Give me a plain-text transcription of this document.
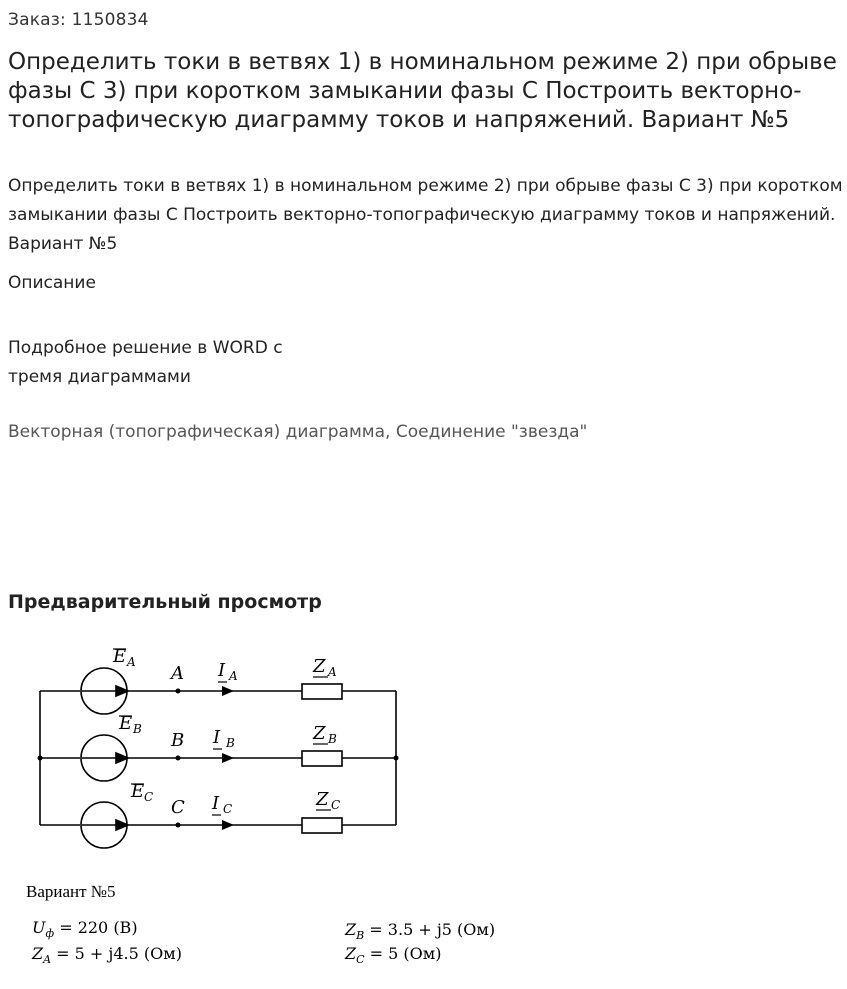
Заказ: 1150834
Определить токи в ветвях 1) в номинальном режиме 2) при обрыве фазы С 3) при коротком замыкании фазы С Построить векторно-топографическую диаграмму токов и напряжений. Вариант №5
Определить токи в ветвях 1) в номинальном режиме 2) при обрыве фазы С 3) при коротком замыкании фазы С Построить векторно-топографическую диаграмму токов и напряжений. Вариант №5
Описание
Подробное решение в WORD с
тремя диаграммами
Векторная (топографическая) диаграмма, Соединение "звезда"
Предварительный просмотр
E A
E B
E C
A
B
C
I A
I B
I C
Z A
Z B
Z C
Вариант №5
$U_ф = 220$ (В)
$Z_A = 5 + j4.5$ (Ом)
$Z_B = 3.5 + j5$ (Ом)
$Z_C = 5$ (Ом)
